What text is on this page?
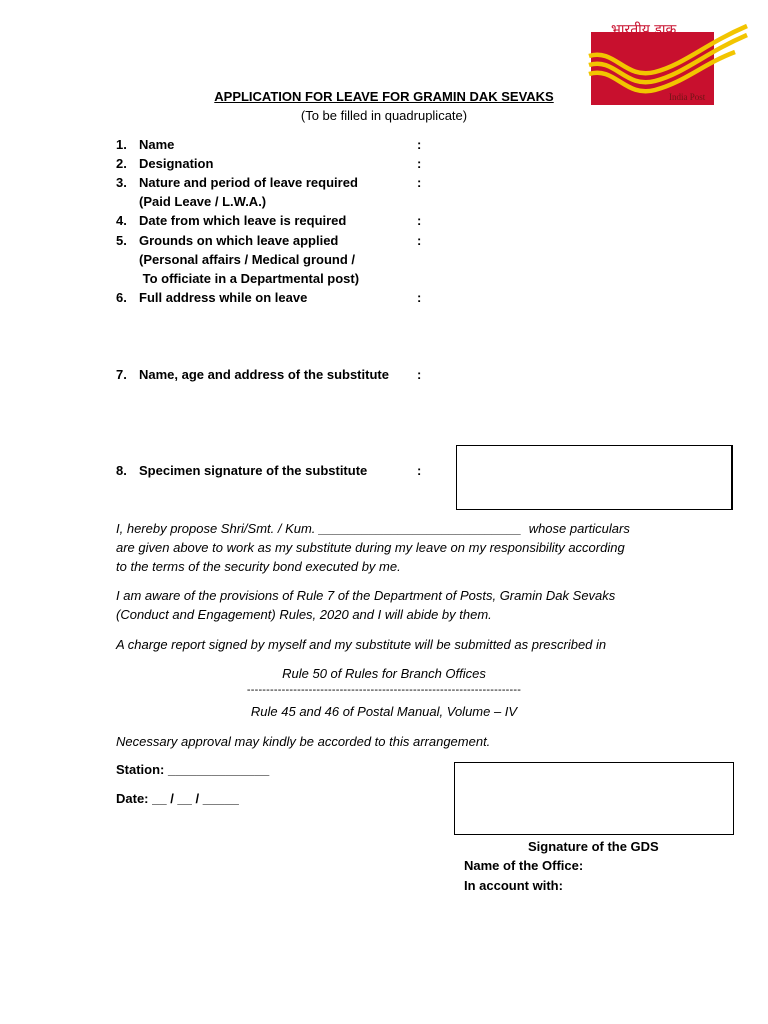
भारतीय डाक
India Post
APPLICATION FOR LEAVE FOR GRAMIN DAK SEVAKS
(To be filled in quadruplicate)
1. Name	:
2. Designation	:
3. Nature and period of leave required
(Paid Leave / L.W.A.)
:
4. Date from which leave is required	:
5. Grounds on which leave applied
(Personal affairs / Medical ground /
To officiate in a Departmental post)
:
6. Full address while on leave	:
7. Name, age and address of the substitute :
8. Specimen signature of the substitute	:
I, hereby propose Shri/Smt. / Kum. ____________________________  whose particulars
are given above to work as my substitute during my leave on my responsibility according
to the terms of the security bond executed by me.
I am aware of the provisions of Rule 7 of the Department of Posts, Gramin Dak Sevaks
(Conduct and Engagement) Rules, 2020 and I will abide by them.
A charge report signed by myself and my substitute will be submitted as prescribed in
Rule 50 of Rules for Branch Offices
-----------------------------------------------------------------------
Rule 45 and 46 of Postal Manual, Volume – IV
Necessary approval may kindly be accorded to this arrangement.
Station: ______________
Date: __ / __ / _____
Signature of the GDS
Name of the Office:
In account with:
